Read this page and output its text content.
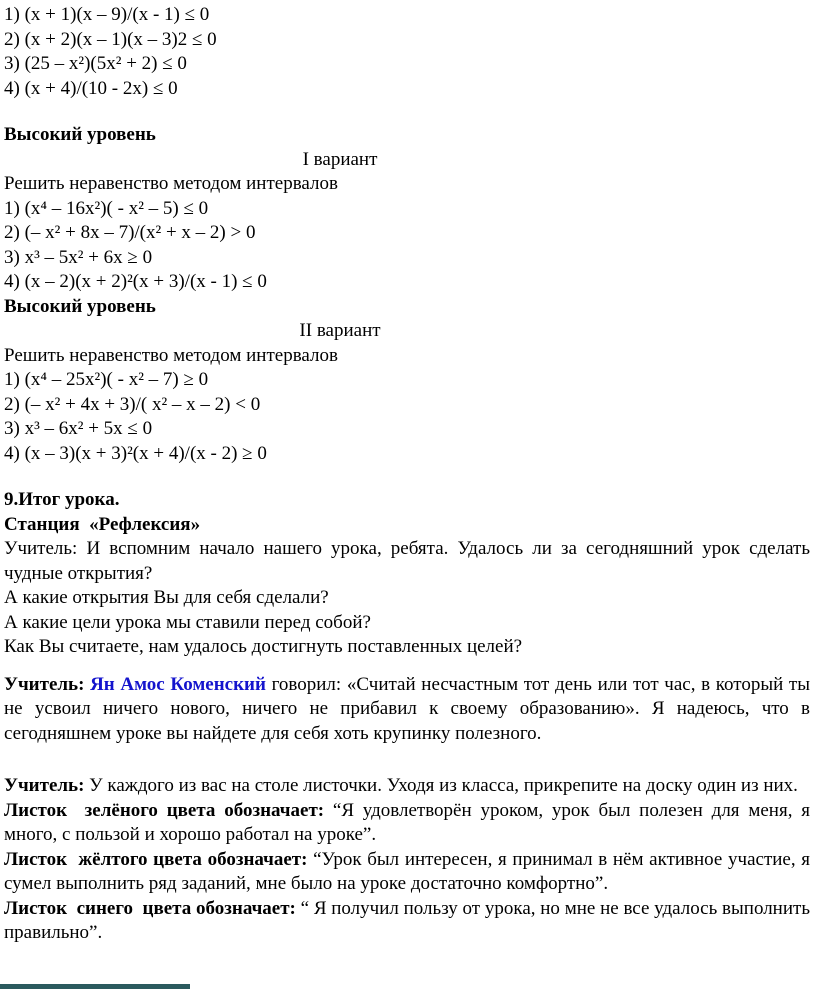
1) (x + 1)(x – 9)/(x - 1) ≤ 0
2) (x + 2)(x – 1)(x – 3)2 ≤ 0
3) (25 – x²)(5x² + 2) ≤ 0
4) (x + 4)/(10 - 2x) ≤ 0
Высокий уровень
I вариант
Решить неравенство методом интервалов
1) (x⁴ – 16x²)( - x² – 5) ≤ 0
2) (– x² + 8x – 7)/(x² + x – 2) > 0
3) x³ – 5x² + 6x ≥ 0
4) (x – 2)(x + 2)²(x + 3)/(x - 1) ≤ 0
Высокий уровень
II вариант
Решить неравенство методом интервалов
1) (x⁴ – 25x²)( - x² – 7) ≥ 0
2) (– x² + 4x + 3)/( x² – x – 2) < 0
3) x³ – 6x² + 5x ≤ 0
4) (x – 3)(x + 3)²(x + 4)/(x - 2) ≥ 0
9.Итог урока.
Станция  «Рефлексия»
Учитель: И вспомним начало нашего урока, ребята. Удалось ли за сегодняшний урок сделать чудные открытия?
А какие открытия Вы для себя сделали?
А какие цели урока мы ставили перед собой?
Как Вы считаете, нам удалось достигнуть поставленных целей?
Учитель: Ян Амос Коменский говорил: «Считай несчастным тот день или тот час, в который ты не усвоил ничего нового, ничего не прибавил к своему образованию». Я надеюсь, что в сегодняшнем уроке вы найдете для себя хоть крупинку полезного.
Учитель: У каждого из вас на столе листочки. Уходя из класса, прикрепите на доску один из них.
Листок  зелёного цвета обозначает: “Я удовлетворён уроком, урок был полезен для меня, я много, с пользой и хорошо работал на уроке”.
Листок  жёлтого цвета обозначает: “Урок был интересен, я принимал в нём активное участие, я сумел выполнить ряд заданий, мне было на уроке достаточно комфортно”.
Листок  синего  цвета обозначает: “ Я получил пользу от урока, но мне не все удалось выполнить правильно”.
